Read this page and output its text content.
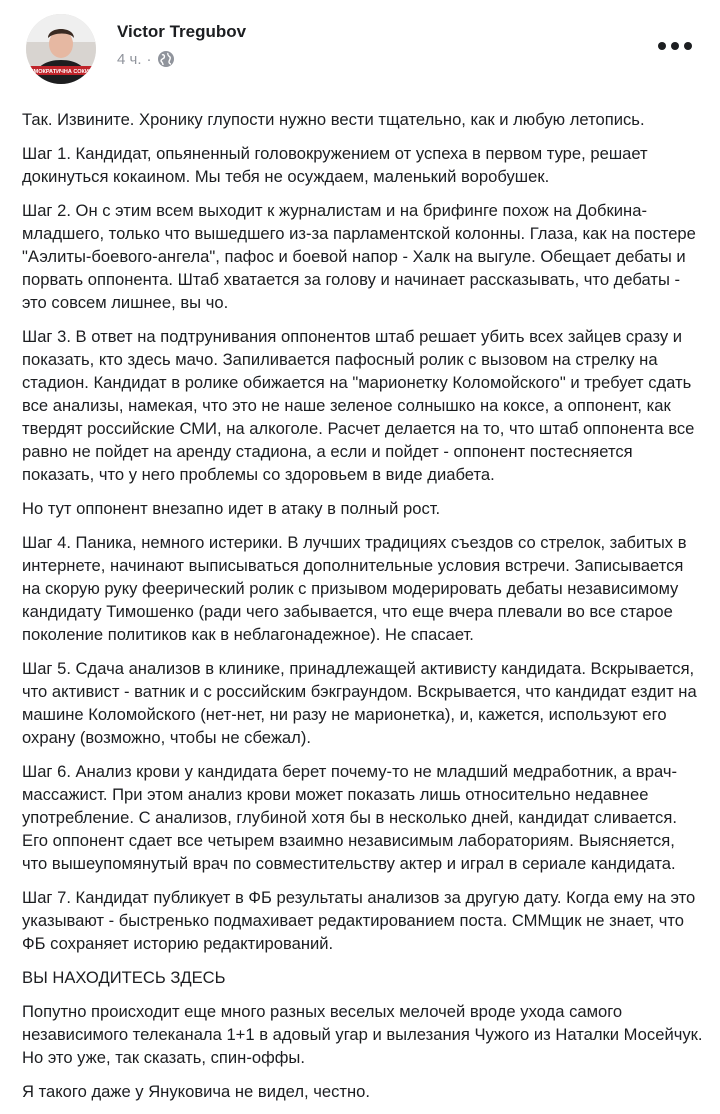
ДЕМОКРАТИЧНА СОКИРА
Victor Tregubov
4 ч. ·

Так. Извините. Хронику глупости нужно вести тщательно, как и любую летопись.

Шаг 1. Кандидат, опьяненный головокружением от успеха в первом туре, решает докинуться кокаином. Мы тебя не осуждаем, маленький воробушек.

Шаг 2. Он с этим всем выходит к журналистам и на брифинге похож на Добкина-младшего, только что вышедшего из-за парламентской колонны. Глаза, как на постере "Аэлиты-боевого-ангела", пафос и боевой напор - Халк на выгуле. Обещает дебаты и порвать оппонента. Штаб хватается за голову и начинает рассказывать, что дебаты - это совсем лишнее, вы чо.

Шаг 3. В ответ на подтрунивания оппонентов штаб решает убить всех зайцев сразу и показать, кто здесь мачо. Запиливается пафосный ролик с вызовом на стрелку на стадион. Кандидат в ролике обижается на "марионетку Коломойского" и требует сдать все анализы, намекая, что это не наше зеленое солнышко на коксе, а оппонент, как твердят российские СМИ, на алкоголе. Расчет делается на то, что штаб оппонента все равно не пойдет на аренду стадиона, а если и пойдет - оппонент постесняется показать, что у него проблемы со здоровьем в виде диабета.

Но тут оппонент внезапно идет в атаку в полный рост.

Шаг 4. Паника, немного истерики. В лучших традициях съездов со стрелок, забитых в интернете, начинают выписываться дополнительные условия встречи. Записывается на скорую руку феерический ролик с призывом модерировать дебаты независимому кандидату Тимошенко (ради чего забывается, что еще вчера плевали во все старое поколение политиков как в неблагонадежное). Не спасает.

Шаг 5. Сдача анализов в клинике, принадлежащей активисту кандидата. Вскрывается, что активист - ватник и с российским бэкграундом. Вскрывается, что кандидат ездит на машине Коломойского (нет-нет, ни разу не марионетка), и, кажется, используют его охрану (возможно, чтобы не сбежал).

Шаг 6. Анализ крови у кандидата берет почему-то не младший медработник, а врач-массажист. При этом анализ крови может показать лишь относительно недавнее употребление. С анализов, глубиной хотя бы в несколько дней, кандидат сливается. Его оппонент сдает все четырем взаимно независимым лабораториям. Выясняется, что вышеупомянутый врач по совместительству актер и играл в сериале кандидата.

Шаг 7. Кандидат публикует в ФБ результаты анализов за другую дату. Когда ему на это указывают - быстренько подмахивает редактированием поста. СММщик не знает, что ФБ сохраняет историю редактирований.

ВЫ НАХОДИТЕСЬ ЗДЕСЬ

Попутно происходит еще много разных веселых мелочей вроде ухода самого независимого телеканала 1+1 в адовый угар и вылезания Чужого из Наталки Мосейчук. Но это уже, так сказать, спин-оффы.

Я такого даже у Януковича не видел, честно.
